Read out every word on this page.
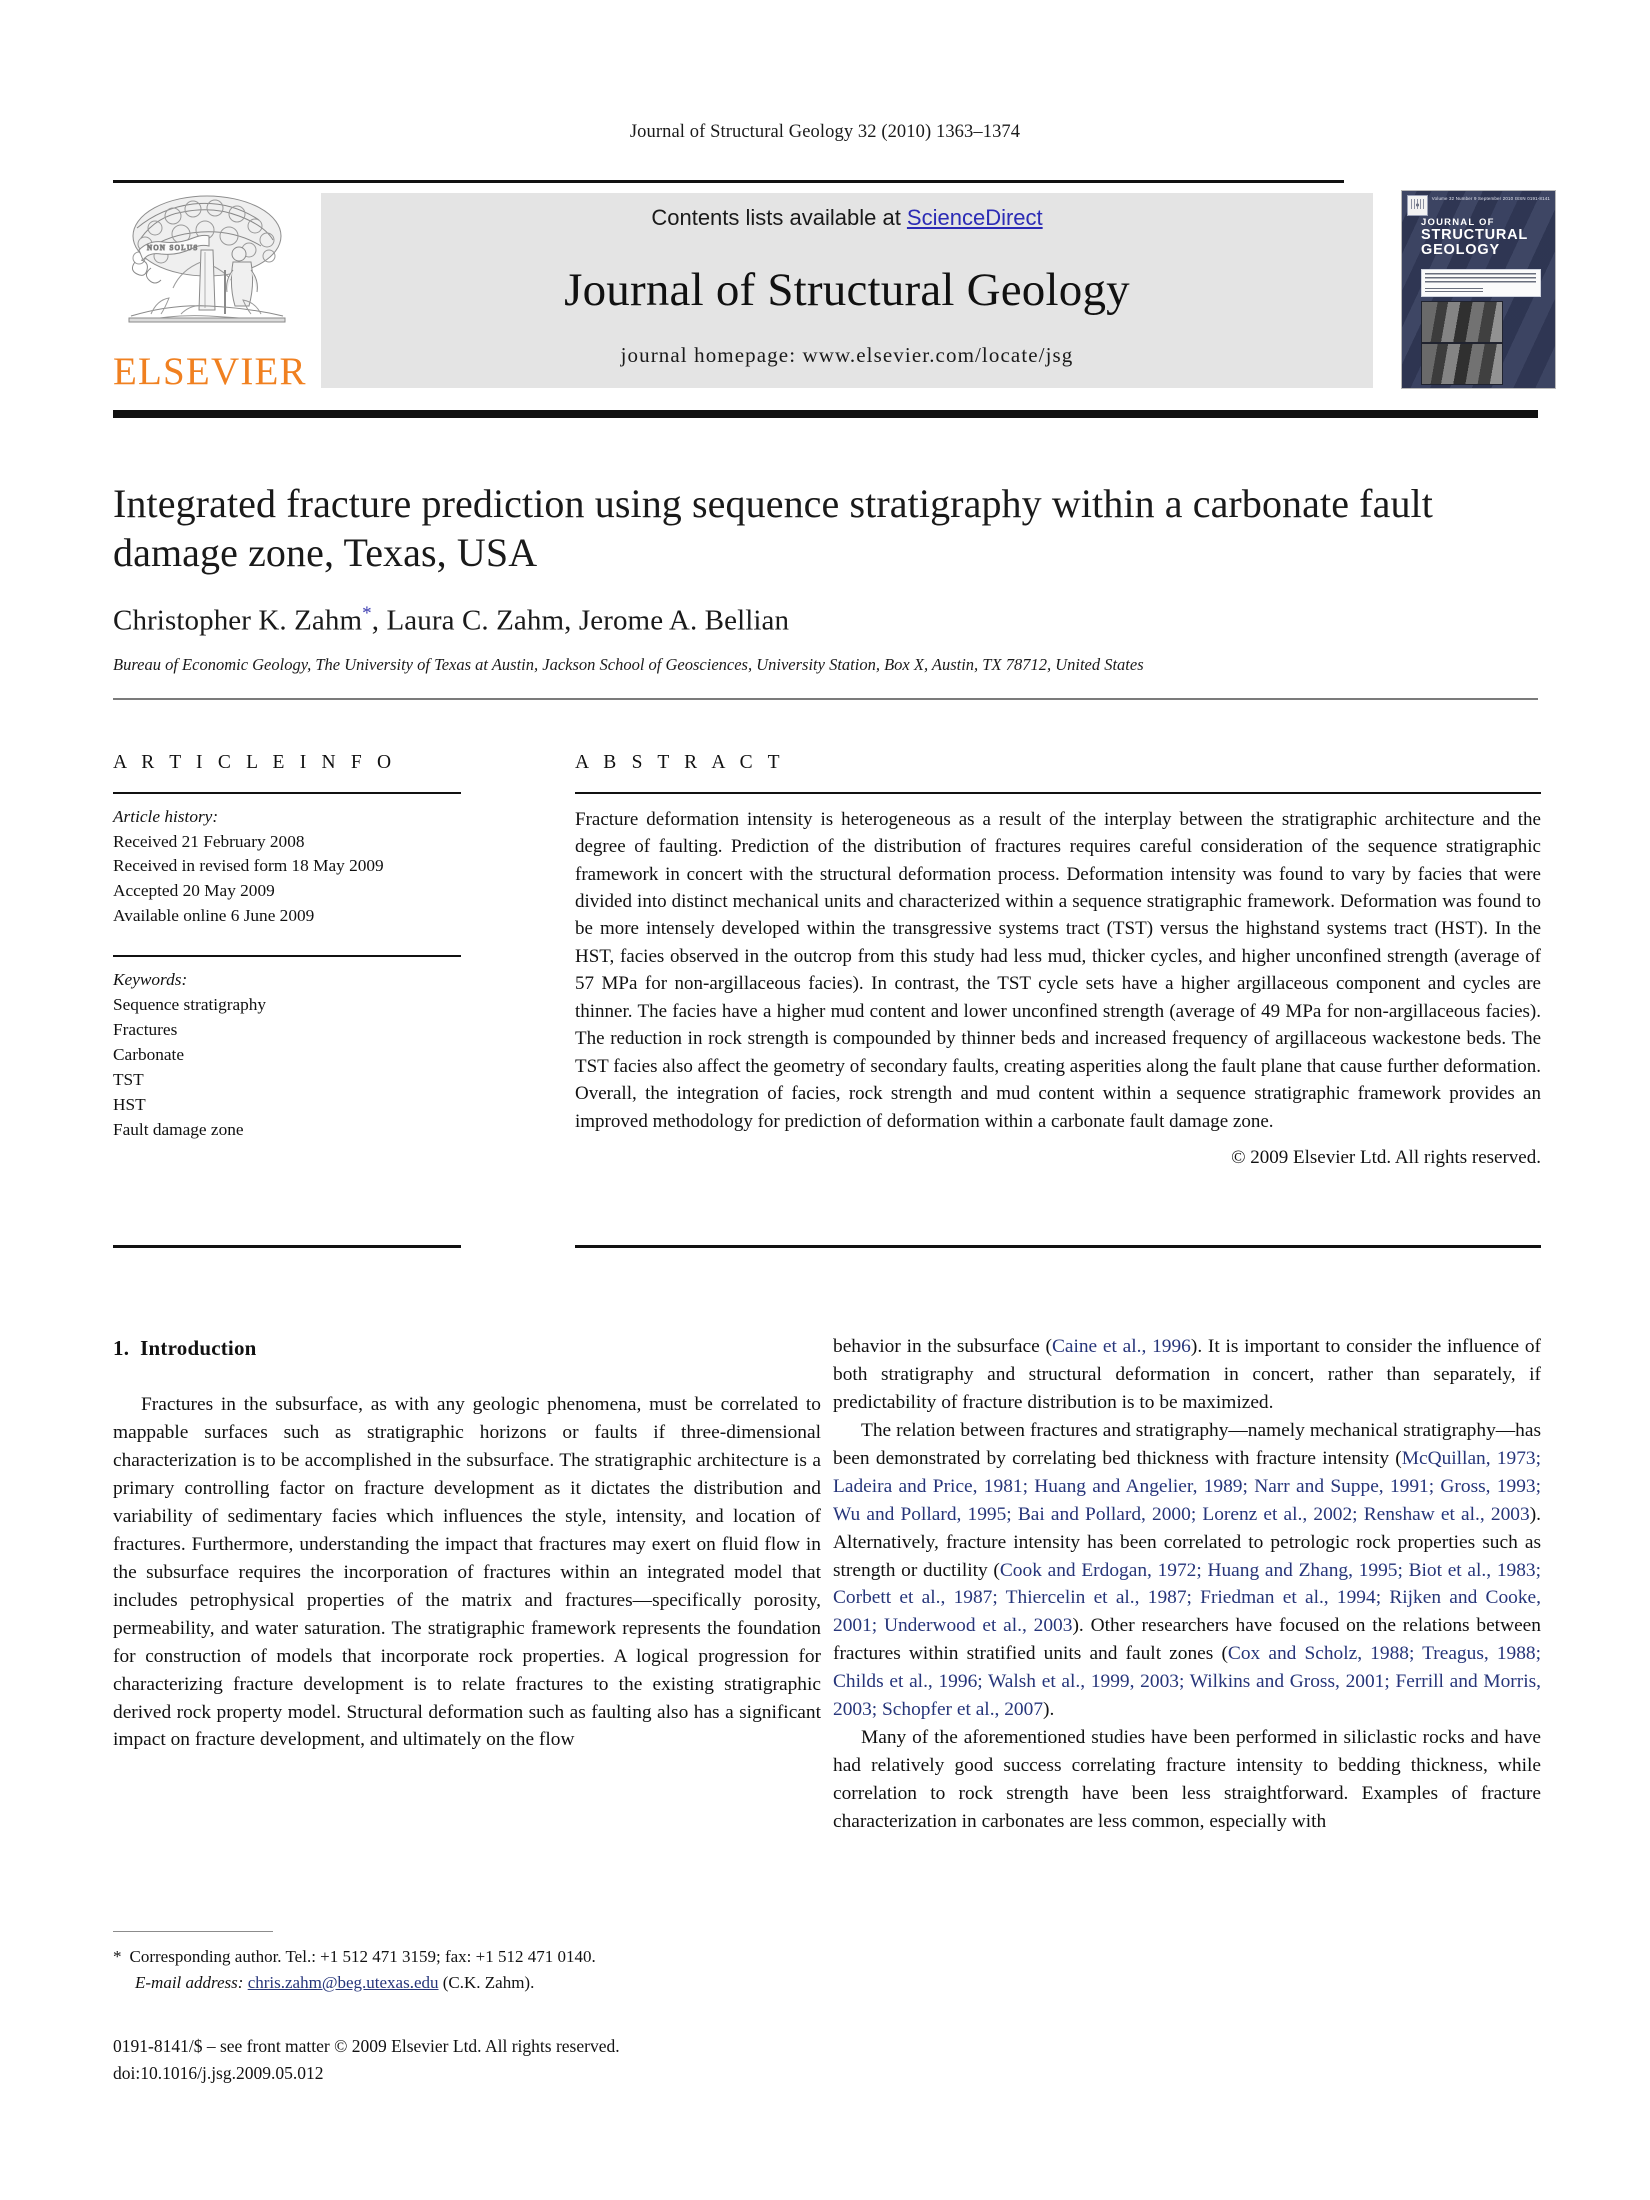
Journal of Structural Geology 32 (2010) 1363–1374
NON SOLUS
ELSEVIER
Contents lists available at ScienceDirect
Journal of Structural Geology
journal homepage: www.elsevier.com/locate/jsg
Volume 32 Number 9 September 2010 ISSN 0191-8141
JOURNAL OF
STRUCTURAL
GEOLOGY
Integrated fracture prediction using sequence stratigraphy within a carbonate fault damage zone, Texas, USA
Christopher K. Zahm*, Laura C. Zahm, Jerome A. Bellian
Bureau of Economic Geology, The University of Texas at Austin, Jackson School of Geosciences, University Station, Box X, Austin, TX 78712, United States
A R T I C L E I N F O
Article history:
Received 21 February 2008
Received in revised form 18 May 2009
Accepted 20 May 2009
Available online 6 June 2009
Keywords:
Sequence stratigraphy
Fractures
Carbonate
TST
HST
Fault damage zone
A B S T R A C T
Fracture deformation intensity is heterogeneous as a result of the interplay between the stratigraphic architecture and the degree of faulting. Prediction of the distribution of fractures requires careful consideration of the sequence stratigraphic framework in concert with the structural deformation process. Deformation intensity was found to vary by facies that were divided into distinct mechanical units and characterized within a sequence stratigraphic framework. Deformation was found to be more intensely developed within the transgressive systems tract (TST) versus the highstand systems tract (HST). In the HST, facies observed in the outcrop from this study had less mud, thicker cycles, and higher unconfined strength (average of 57 MPa for non-argillaceous facies). In contrast, the TST cycle sets have a higher argillaceous component and cycles are thinner. The facies have a higher mud content and lower unconfined strength (average of 49 MPa for non-argillaceous facies). The reduction in rock strength is compounded by thinner beds and increased frequency of argillaceous wackestone beds. The TST facies also affect the geometry of secondary faults, creating asperities along the fault plane that cause further deformation. Overall, the integration of facies, rock strength and mud content within a sequence stratigraphic framework provides an improved methodology for prediction of deformation within a carbonate fault damage zone.
© 2009 Elsevier Ltd. All rights reserved.
1. Introduction

Fractures in the subsurface, as with any geologic phenomena, must be correlated to mappable surfaces such as stratigraphic horizons or faults if three-dimensional characterization is to be accomplished in the subsurface. The stratigraphic architecture is a primary controlling factor on fracture development as it dictates the distribution and variability of sedimentary facies which influences the style, intensity, and location of fractures. Furthermore, understanding the impact that fractures may exert on fluid flow in the subsurface requires the incorporation of fractures within an integrated model that includes petrophysical properties of the matrix and fractures—specifically porosity, permeability, and water saturation. The stratigraphic framework represents the foundation for construction of models that incorporate rock properties. A logical progression for characterizing fracture development is to relate fractures to the existing stratigraphic derived rock property model. Structural deformation such as faulting also has a significant impact on fracture development, and ultimately on the flow

behavior in the subsurface (Caine et al., 1996). It is important to consider the influence of both stratigraphy and structural deformation in concert, rather than separately, if predictability of fracture distribution is to be maximized.

The relation between fractures and stratigraphy—namely mechanical stratigraphy—has been demonstrated by correlating bed thickness with fracture intensity (McQuillan, 1973; Ladeira and Price, 1981; Huang and Angelier, 1989; Narr and Suppe, 1991; Gross, 1993; Wu and Pollard, 1995; Bai and Pollard, 2000; Lorenz et al., 2002; Renshaw et al., 2003). Alternatively, fracture intensity has been correlated to petrologic rock properties such as strength or ductility (Cook and Erdogan, 1972; Huang and Zhang, 1995; Biot et al., 1983; Corbett et al., 1987; Thiercelin et al., 1987; Friedman et al., 1994; Rijken and Cooke, 2001; Underwood et al., 2003). Other researchers have focused on the relations between fractures within stratified units and fault zones (Cox and Scholz, 1988; Treagus, 1988; Childs et al., 1996; Walsh et al., 1999, 2003; Wilkins and Gross, 2001; Ferrill and Morris, 2003; Schopfer et al., 2007).

Many of the aforementioned studies have been performed in siliclastic rocks and have had relatively good success correlating fracture intensity to bedding thickness, while correlation to rock strength have been less straightforward. Examples of fracture characterization in carbonates are less common, especially with

* Corresponding author. Tel.: +1 512 471 3159; fax: +1 512 471 0140.
E-mail address: chris.zahm@beg.utexas.edu (C.K. Zahm).
0191-8141/$ – see front matter © 2009 Elsevier Ltd. All rights reserved.
doi:10.1016/j.jsg.2009.05.012
